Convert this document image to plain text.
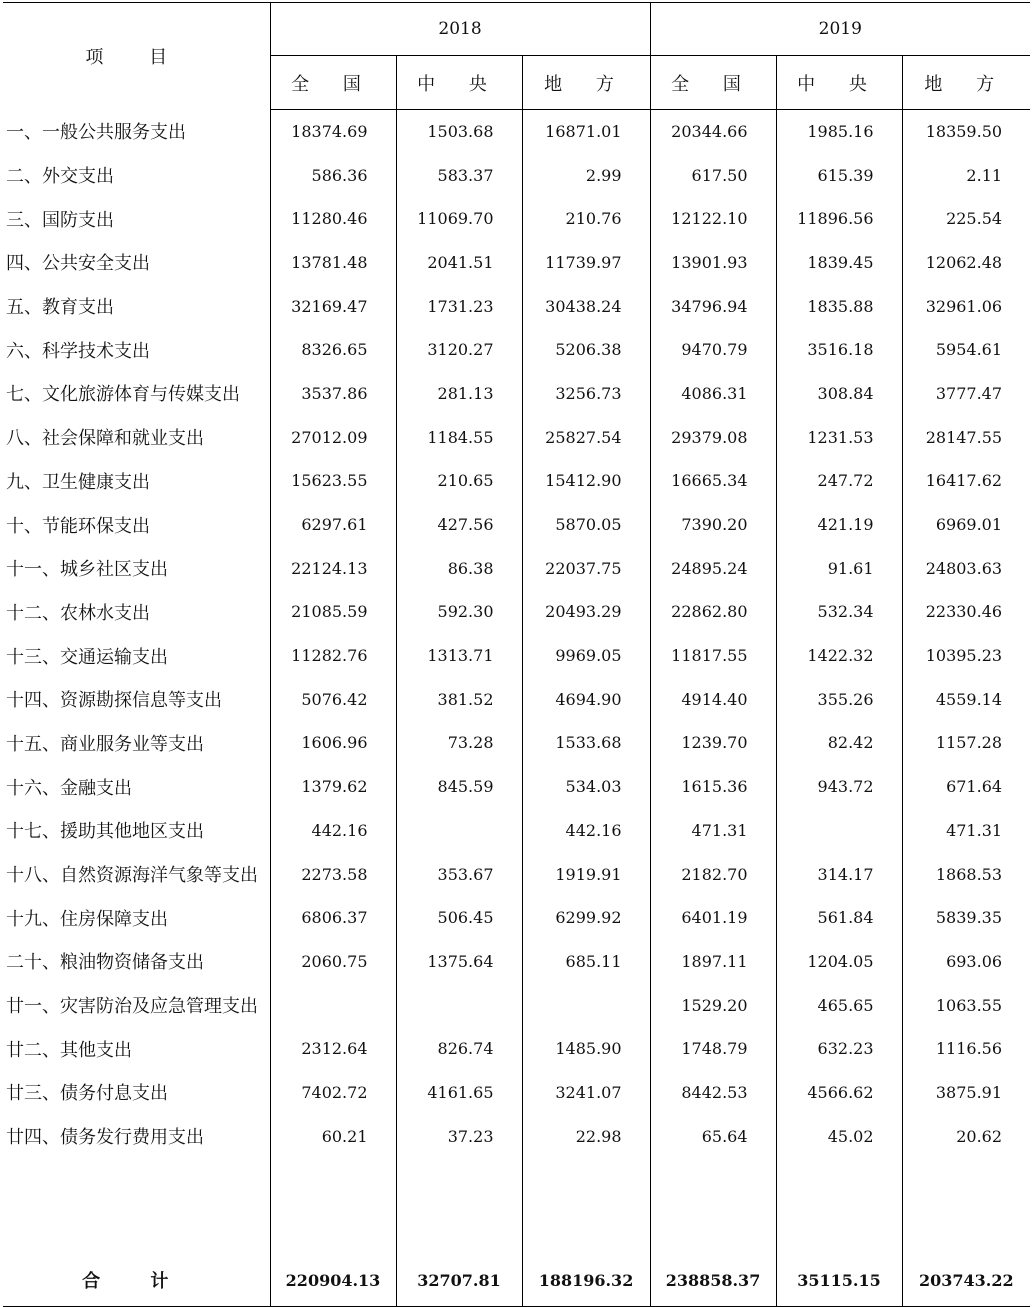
项 目	2018			2019		
	全 国	中 央	地 方	全 国	中 央	地 方
一、一般公共服务支出	18374.69	1503.68	16871.01	20344.66	1985.16	18359.50
二、外交支出	586.36	583.37	2.99	617.50	615.39	2.11
三、国防支出	11280.46	11069.70	210.76	12122.10	11896.56	225.54
四、公共安全支出	13781.48	2041.51	11739.97	13901.93	1839.45	12062.48
五、教育支出	32169.47	1731.23	30438.24	34796.94	1835.88	32961.06
六、科学技术支出	8326.65	3120.27	5206.38	9470.79	3516.18	5954.61
七、文化旅游体育与传媒支出	3537.86	281.13	3256.73	4086.31	308.84	3777.47
八、社会保障和就业支出	27012.09	1184.55	25827.54	29379.08	1231.53	28147.55
九、卫生健康支出	15623.55	210.65	15412.90	16665.34	247.72	16417.62
十、节能环保支出	6297.61	427.56	5870.05	7390.20	421.19	6969.01
十一、城乡社区支出	22124.13	86.38	22037.75	24895.24	91.61	24803.63
十二、农林水支出	21085.59	592.30	20493.29	22862.80	532.34	22330.46
十三、交通运输支出	11282.76	1313.71	9969.05	11817.55	1422.32	10395.23
十四、资源勘探信息等支出	5076.42	381.52	4694.90	4914.40	355.26	4559.14
十五、商业服务业等支出	1606.96	73.28	1533.68	1239.70	82.42	1157.28
十六、金融支出	1379.62	845.59	534.03	1615.36	943.72	671.64
十七、援助其他地区支出	442.16		442.16	471.31		471.31
十八、自然资源海洋气象等支出	2273.58	353.67	1919.91	2182.70	314.17	1868.53
十九、住房保障支出	6806.37	506.45	6299.92	6401.19	561.84	5839.35
二十、粮油物资储备支出	2060.75	1375.64	685.11	1897.11	1204.05	693.06
廿一、灾害防治及应急管理支出				1529.20	465.65	1063.55
廿二、其他支出	2312.64	826.74	1485.90	1748.79	632.23	1116.56
廿三、债务付息支出	7402.72	4161.65	3241.07	8442.53	4566.62	3875.91
廿四、债务发行费用支出	60.21	37.23	22.98	65.64	45.02	20.62

合 计	220904.13	32707.81	188196.32	238858.37	35115.15	203743.22
